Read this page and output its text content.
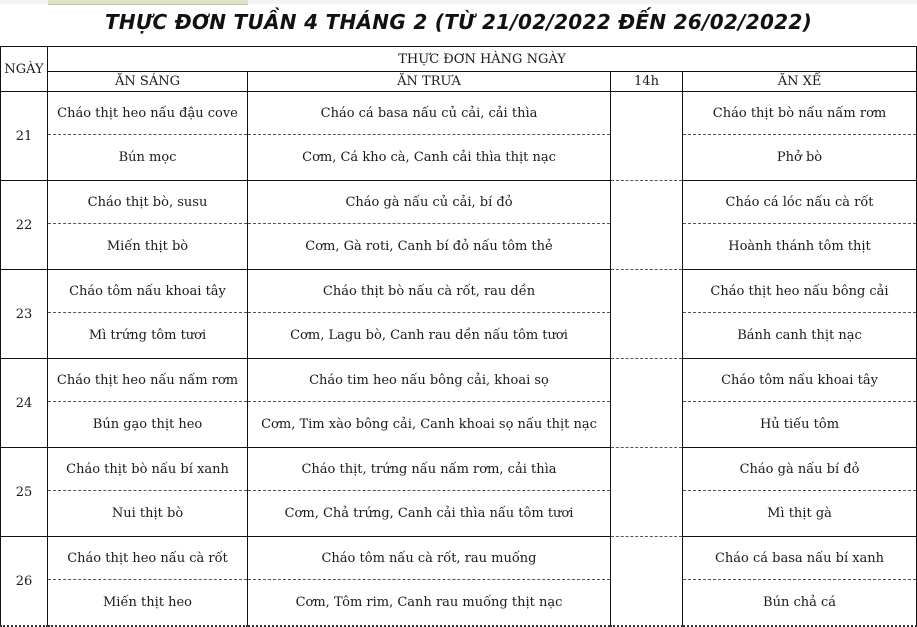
THỰC ĐƠN TUẦN 4 THÁNG 2 (TỪ 21/02/2022 ĐẾN 26/02/2022)
NGÀY	THỰC ĐƠN HÀNG NGÀY			
	ĂN SÁNG	ĂN TRƯA	14h	ĂN XẾ
21	Cháo thịt heo nấu đậu cove	Cháo cá basa nấu củ cải, cải thìa		Cháo thịt bò nấu nấm rơm
	Bún mọc	Cơm, Cá kho cà, Canh cải thìa thịt nạc		Phở bò
22	Cháo thịt bò, susu	Cháo gà nấu củ cải, bí đỏ		Cháo cá lóc nấu cà rốt
	Miến thịt bò	Cơm, Gà roti, Canh bí đỏ nấu tôm thẻ		Hoành thánh tôm thịt
23	Cháo tôm nấu khoai tây	Cháo thịt bò nấu cà rốt, rau dền		Cháo thịt heo nấu bông cải
	Mì trứng tôm tươi	Cơm, Lagu bò, Canh rau dền nấu tôm tươi		Bánh canh thịt nạc
24	Cháo thịt heo nấu nấm rơm	Cháo tim heo nấu bông cải, khoai sọ		Cháo tôm nấu khoai tây
	Bún gạo thịt heo	Cơm, Tim xào bông cải, Canh khoai sọ nấu thịt nạc		Hủ tiếu tôm
25	Cháo thịt bò nấu bí xanh	Cháo thịt, trứng nấu nấm rơm, cải thìa		Cháo gà nấu bí đỏ
	Nui thịt bò	Cơm, Chả trứng, Canh cải thìa nấu tôm tươi		Mì thịt gà
26	Cháo thịt heo nấu cà rốt	Cháo tôm nấu cà rốt, rau muống		Cháo cá basa nấu bí xanh
	Miến thịt heo	Cơm, Tôm rim, Canh rau muống thịt nạc		Bún chả cá
